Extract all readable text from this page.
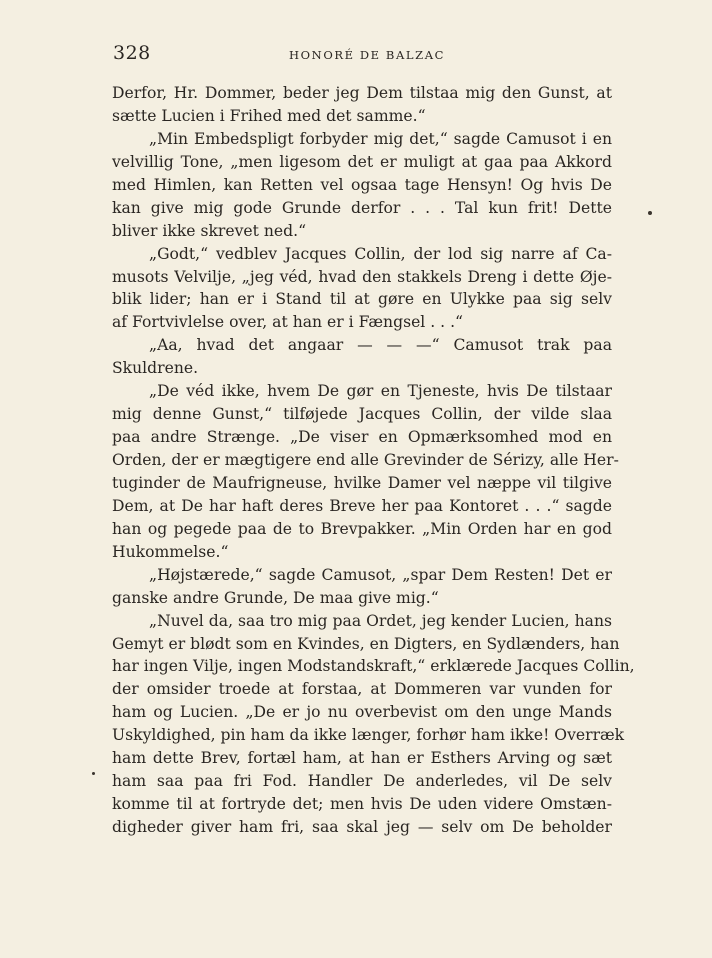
328	HONORÉ DE BALZAC
Derfor, Hr. Dommer, beder jeg Dem tilstaa mig den Gunst, at
sætte Lucien i Frihed med det samme.“
„Min Embedspligt forbyder mig det,“ sagde Camusot i en
velvillig Tone, „men ligesom det er muligt at gaa paa Akkord
med Himlen, kan Retten vel ogsaa tage Hensyn! Og hvis De
kan give mig gode Grunde derfor . . . Tal kun frit! Dette
bliver ikke skrevet ned.“
„Godt,“ vedblev Jacques Collin, der lod sig narre af Ca-
musots Velvilje, „jeg véd, hvad den stakkels Dreng i dette Øje-
blik lider; han er i Stand til at gøre en Ulykke paa sig selv
af Fortvivlelse over, at han er i Fængsel . . .“
„Aa, hvad det angaar — — —“ Camusot trak paa
Skuldrene.
„De véd ikke, hvem De gør en Tjeneste, hvis De tilstaar
mig denne Gunst,“ tilføjede Jacques Collin, der vilde slaa
paa andre Strænge. „De viser en Opmærksomhed mod en
Orden, der er mægtigere end alle Grevinder de Sérizy, alle Her-
tuginder de Maufrigneuse, hvilke Damer vel næppe vil tilgive
Dem, at De har haft deres Breve her paa Kontoret . . .“ sagde
han og pegede paa de to Brevpakker. „Min Orden har en god
Hukommelse.“
„Højstærede,“ sagde Camusot, „spar Dem Resten! Det er
ganske andre Grunde, De maa give mig.“
„Nuvel da, saa tro mig paa Ordet, jeg kender Lucien, hans
Gemyt er blødt som en Kvindes, en Digters, en Sydlænders, han
har ingen Vilje, ingen Modstandskraft,“ erklærede Jacques Collin,
der omsider troede at forstaa, at Dommeren var vunden for
ham og Lucien. „De er jo nu overbevist om den unge Mands
Uskyldighed, pin ham da ikke længer, forhør ham ikke! Overræk
ham dette Brev, fortæl ham, at han er Esthers Arving og sæt
ham saa paa fri Fod. Handler De anderledes, vil De selv
komme til at fortryde det; men hvis De uden videre Omstæn-
digheder giver ham fri, saa skal jeg — selv om De beholder
